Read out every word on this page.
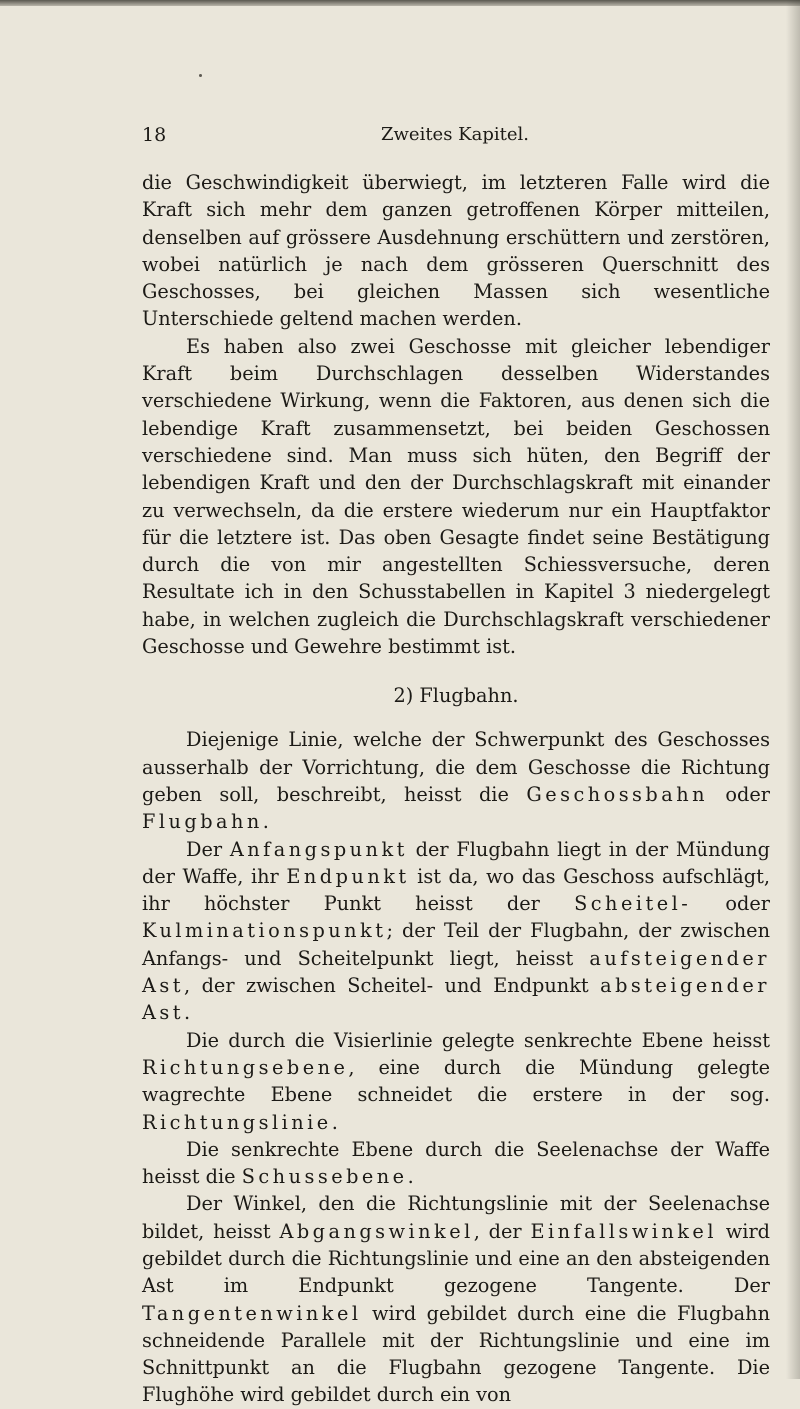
18	Zweites Kapitel.

die Geschwindigkeit überwiegt, im letzteren Falle wird die Kraft sich mehr dem ganzen getroffenen Körper mitteilen, denselben auf grössere Ausdehnung erschüttern und zerstören, wobei natürlich je nach dem grösseren Querschnitt des Geschosses, bei gleichen Massen sich wesentliche Unterschiede geltend machen werden.

Es haben also zwei Geschosse mit gleicher lebendiger Kraft beim Durchschlagen desselben Widerstandes verschiedene Wirkung, wenn die Faktoren, aus denen sich die lebendige Kraft zusammensetzt, bei beiden Geschossen verschiedene sind. Man muss sich hüten, den Begriff der lebendigen Kraft und den der Durchschlagskraft mit einander zu verwechseln, da die erstere wiederum nur ein Hauptfaktor für die letztere ist. Das oben Gesagte findet seine Bestätigung durch die von mir angestellten Schiessversuche, deren Resultate ich in den Schusstabellen in Kapitel 3 niedergelegt habe, in welchen zugleich die Durchschlagskraft verschiedener Geschosse und Gewehre bestimmt ist.

2) Flugbahn.

Diejenige Linie, welche der Schwerpunkt des Geschosses ausserhalb der Vorrichtung, die dem Geschosse die Richtung geben soll, beschreibt, heisst die Geschossbahn oder Flugbahn.

Der Anfangspunkt der Flugbahn liegt in der Mündung der Waffe, ihr Endpunkt ist da, wo das Geschoss aufschlägt, ihr höchster Punkt heisst der Scheitel- oder Kulminationspunkt; der Teil der Flugbahn, der zwischen Anfangs- und Scheitelpunkt liegt, heisst aufsteigender Ast, der zwischen Scheitel- und Endpunkt absteigender Ast.

Die durch die Visierlinie gelegte senkrechte Ebene heisst Richtungsebene, eine durch die Mündung gelegte wagrechte Ebene schneidet die erstere in der sog. Richtungslinie.

Die senkrechte Ebene durch die Seelenachse der Waffe heisst die Schussebene.

Der Winkel, den die Richtungslinie mit der Seelenachse bildet, heisst Abgangswinkel, der Einfallswinkel wird gebildet durch die Richtungslinie und eine an den absteigenden Ast im Endpunkt gezogene Tangente. Der Tangentenwinkel wird gebildet durch eine die Flugbahn schneidende Parallele mit der Richtungslinie und eine im Schnittpunkt an die Flugbahn gezogene Tangente. Die Flughöhe wird gebildet durch ein von
